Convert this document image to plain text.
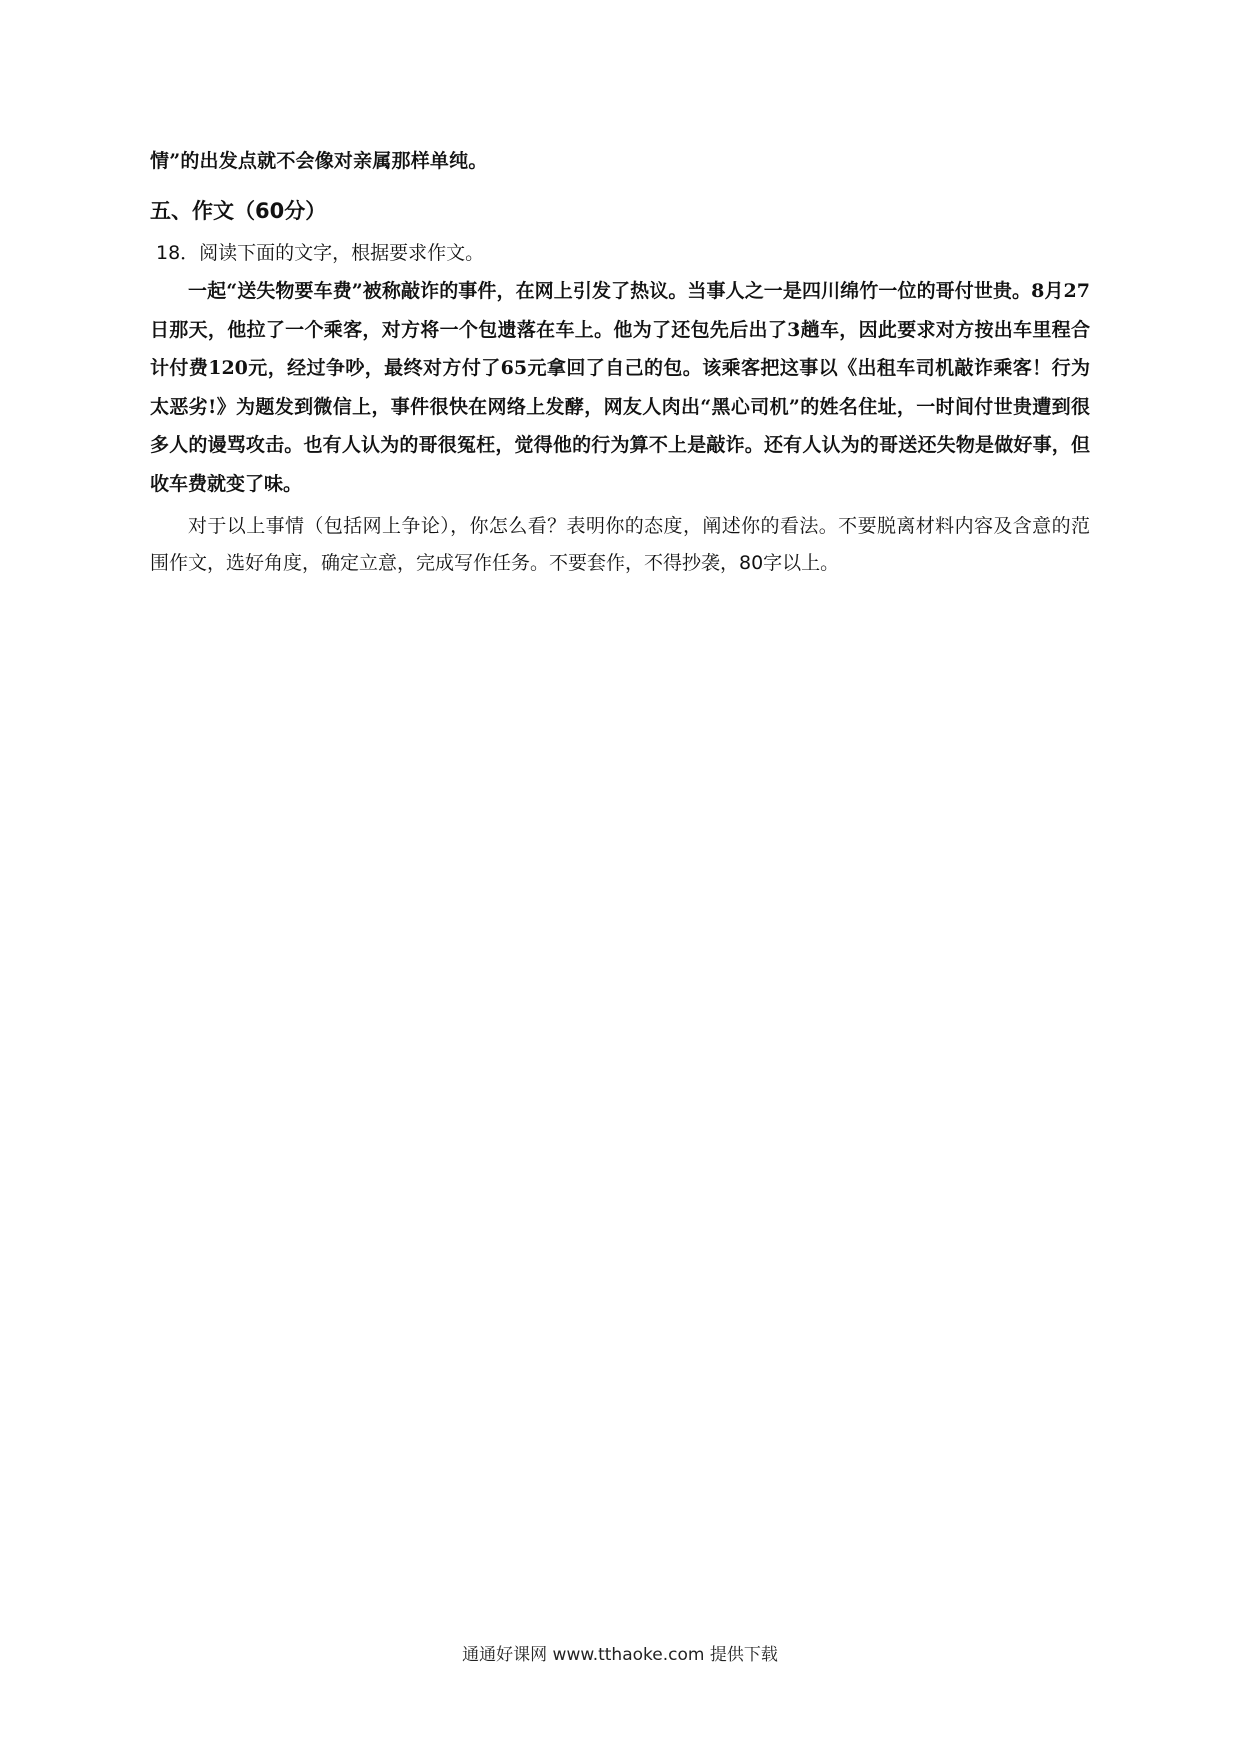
情”的出发点就不会像对亲属那样单纯。
五、作文（60分）
18．阅读下面的文字，根据要求作文。
一起“送失物要车费”被称敲诈的事件，在网上引发了热议。当事人之一是四川绵竹一位的哥付世贵。8月27日那天，他拉了一个乘客，对方将一个包遗落在车上。他为了还包先后出了3趟车，因此要求对方按出车里程合计付费120元，经过争吵，最终对方付了65元拿回了自己的包。该乘客把这事以《出租车司机敲诈乘客！行为太恶劣!》为题发到微信上，事件很快在网络上发酵，网友人肉出“黑心司机”的姓名住址，一时间付世贵遭到很多人的谩骂攻击。也有人认为的哥很冤枉，觉得他的行为算不上是敲诈。还有人认为的哥送还失物是做好事，但收车费就变了味。
对于以上事情（包括网上争论），你怎么看？表明你的态度，阐述你的看法。不要脱离材料内容及含意的范围作文，选好角度，确定立意，完成写作任务。不要套作，不得抄袭，80字以上。
通通好课网 www.tthaoke.com 提供下载
